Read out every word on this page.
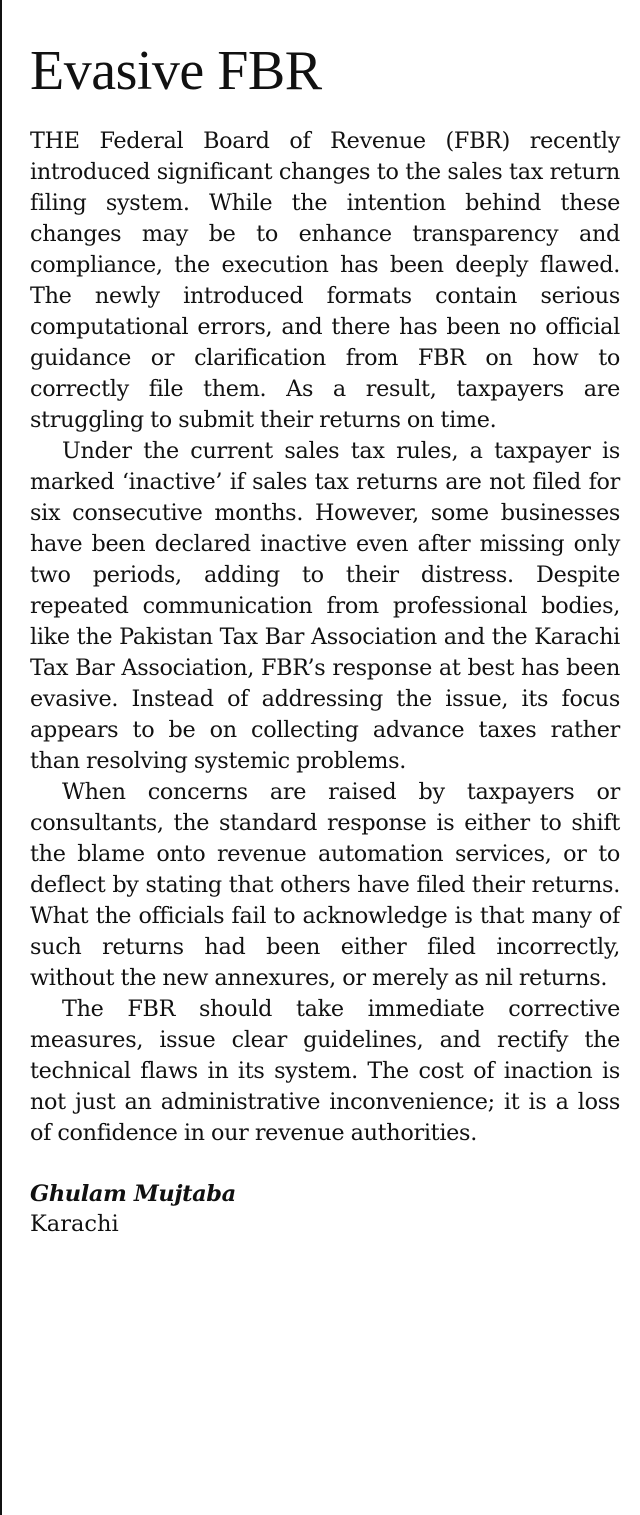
Evasive FBR

THE Federal Board of Revenue (FBR) recently introduced significant changes to the sales tax return filing system. While the intention behind these changes may be to enhance transparency and compliance, the execution has been deeply flawed. The newly introduced formats contain serious computational errors, and there has been no official guidance or clarification from FBR on how to correctly file them. As a result, taxpayers are struggling to submit their returns on time.

Under the current sales tax rules, a taxpayer is marked ‘inactive’ if sales tax returns are not filed for six consecutive months. However, some businesses have been declared inactive even after missing only two periods, adding to their distress. Despite repeated communication from professional bodies, like the Pakistan Tax Bar Association and the Karachi Tax Bar Association, FBR’s response at best has been evasive. Instead of addressing the issue, its focus appears to be on collecting advance taxes rather than resolving systemic problems.

When concerns are raised by taxpayers or consultants, the standard response is either to shift the blame onto revenue automation services, or to deflect by stating that others have filed their returns. What the officials fail to acknowledge is that many of such returns had been either filed incorrectly, without the new annexures, or merely as nil returns.

The FBR should take immediate corrective measures, issue clear guidelines, and rectify the technical flaws in its system. The cost of inaction is not just an administrative inconvenience; it is a loss of confidence in our revenue authorities.

Ghulam Mujtaba
Karachi
